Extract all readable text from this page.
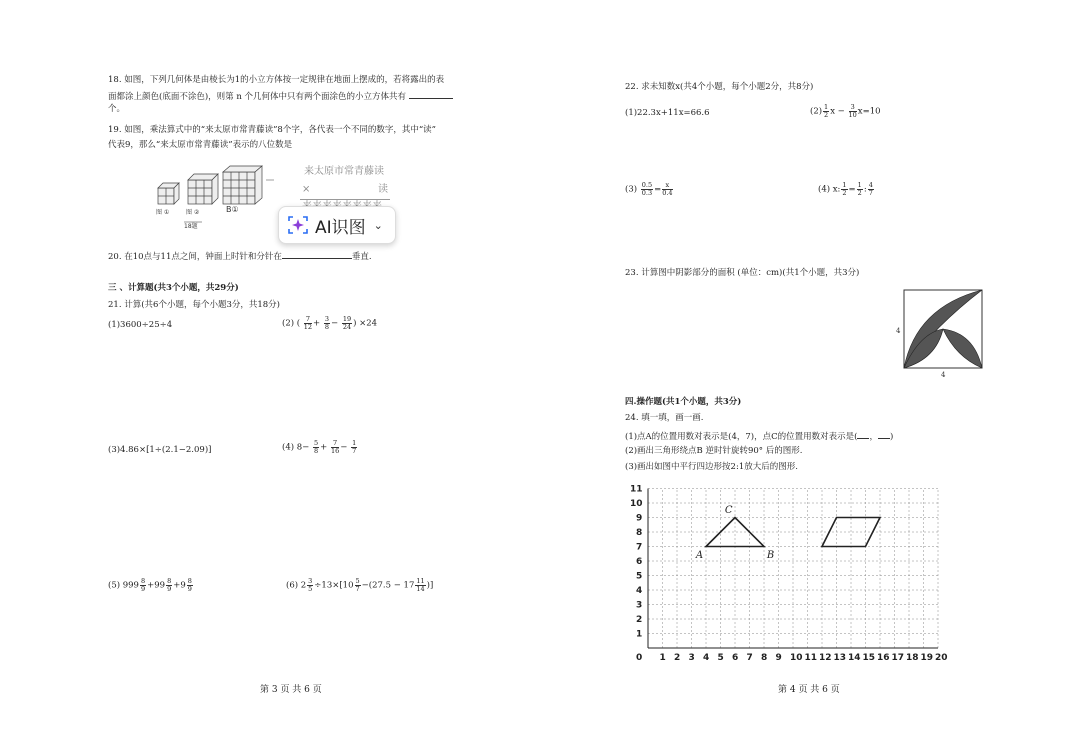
18. 如图，下列几何体是由棱长为1的小立方体按一定规律在地面上摆成的，若将露出的表
面都涂上颜色(底面不涂色)，则第 n 个几何体中只有两个面涂色的小立方体共有
个。
19. 如图，乘法算式中的“来太原市常青藤读”8个字，各代表一个不同的数字，其中“读”
代表9，那么“来太原市常青藤读”表示的八位数是
图 ①	图 ②	B①
18题
来太原市常青藤读
×	读
AI识图 ⌄
20. 在10点与11点之间，钟面上时针和分针在	垂直.
三 、计算题(共3个小题，共29分)
21. 计算(共6个小题，每个小题3分，共18分)
(1)3600÷25÷4	(2) ( $\frac{7}{12} + \frac{3}{8} - \frac{19}{24}$ ) ×24
(3)4.86×[1÷(2.1−2.09)]	(4) $8- \frac{5}{8} + \frac{7}{16} - \frac{1}{7}$
(5) $999 \frac{8}{9} +99 \frac{8}{9} +9 \frac{8}{9}$	(6) $2 \frac{3}{5} \div 13\times[10 \frac{5}{7} -(27.5 - 17 \frac{11}{14}$ )]
第 3 页 共 6 页
22. 求未知数x(共4个小题，每个小题2分，共8分)
(1)22.3x+11x=66.6	$(2) \frac{1}{2}$ $x - \frac{3}{10} x=10$
$(3) \frac{0.5}{0.3} = \frac{x}{0.4}$	(4) x: $\frac{1}{2} = \frac{1}{2}$ : $\frac{4}{7}$
23. 计算图中阴影部分的面积 (单位：cm)(共1个小题，共3分)
4
4
四.操作题(共1个小题，共3分)
24. 填一填，画一画.
(1)点A的位置用数对表示是(4，7)，点C的位置用数对表示是( ， )
(2)画出三角形绕点B 逆时针旋转90° 后的图形.
(3)画出如图中平行四边形按2:1放大后的图形.
0 1 2 3 4 5 6 7 8 9 10 11 12 13 14 15 16 17 18 19 20
1
2
3
4
5
6
7
8
9
10
11
A	B
C
第 4 页 共 6 页
